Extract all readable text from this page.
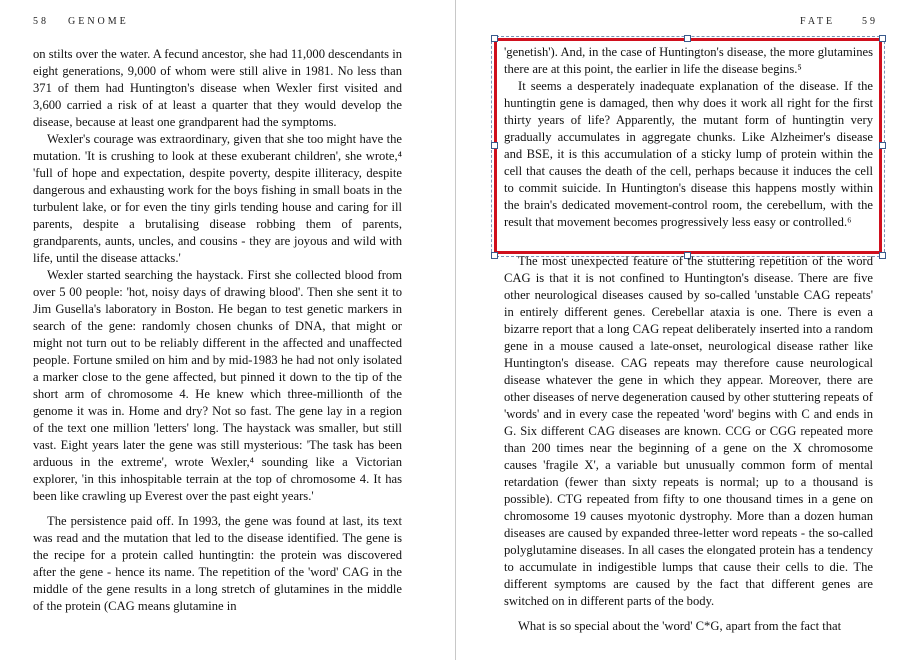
58 GENOME

on stilts over the water. A fecund ancestor, she had 11,000 descendants in eight generations, 9,000 of whom were still alive in 1981. No less than 371 of them had Huntington's disease when Wexler first visited and 3,600 carried a risk of at least a quarter that they would develop the disease, because at least one grandparent had the symptoms.

Wexler's courage was extraordinary, given that she too might have the mutation. 'It is crushing to look at these exuberant children', she wrote,⁴ 'full of hope and expectation, despite poverty, despite illiteracy, despite dangerous and exhausting work for the boys fishing in small boats in the turbulent lake, or for even the tiny girls tending house and caring for ill parents, despite a brutalising disease robbing them of parents, grandparents, aunts, uncles, and cousins - they are joyous and wild with life, until the disease attacks.'

Wexler started searching the haystack. First she collected blood from over 5 00 people: 'hot, noisy days of drawing blood'. Then she sent it to Jim Gusella's laboratory in Boston. He began to test genetic markers in search of the gene: randomly chosen chunks of DNA, that might or might not turn out to be reliably different in the affected and unaffected people. Fortune smiled on him and by mid-1983 he had not only isolated a marker close to the gene affected, but pinned it down to the tip of the short arm of chromosome 4. He knew which three-millionth of the genome it was in. Home and dry? Not so fast. The gene lay in a region of the text one million 'letters' long. The haystack was smaller, but still vast. Eight years later the gene was still mysterious: 'The task has been arduous in the extreme', wrote Wexler,⁴ sounding like a Victorian explorer, 'in this inhospitable terrain at the top of chromosome 4. It has been like crawling up Everest over the past eight years.'

The persistence paid off. In 1993, the gene was found at last, its text was read and the mutation that led to the disease identified. The gene is the recipe for a protein called huntingtin: the protein was discovered after the gene - hence its name. The repetition of the 'word' CAG in the middle of the gene results in a long stretch of glutamines in the middle of the protein (CAG means glutamine in

FATE	59

'genetish'). And, in the case of Huntington's disease, the more glutamines there are at this point, the earlier in life the disease begins.⁵

It seems a desperately inadequate explanation of the disease. If the huntingtin gene is damaged, then why does it work all right for the first thirty years of life? Apparently, the mutant form of huntingtin very gradually accumulates in aggregate chunks. Like Alzheimer's disease and BSE, it is this accumulation of a sticky lump of protein within the cell that causes the death of the cell, perhaps because it induces the cell to commit suicide. In Huntington's disease this happens mostly within the brain's dedicated movement-control room, the cerebellum, with the result that movement becomes progressively less easy or controlled.⁶

The most unexpected feature of the stuttering repetition of the word CAG is that it is not confined to Huntington's disease. There are five other neurological diseases caused by so-called 'unstable CAG repeats' in entirely different genes. Cerebellar ataxia is one. There is even a bizarre report that a long CAG repeat deliberately inserted into a random gene in a mouse caused a late-onset, neurological disease rather like Huntington's disease. CAG repeats may therefore cause neurological disease whatever the gene in which they appear. Moreover, there are other diseases of nerve degeneration caused by other stuttering repeats of 'words' and in every case the repeated 'word' begins with C and ends in G. Six different CAG diseases are known. CCG or CGG repeated more than 200 times near the beginning of a gene on the X chromosome causes 'fragile X', a variable but unusually common form of mental retardation (fewer than sixty repeats is normal; up to a thousand is possible). CTG repeated from fifty to one thousand times in a gene on chromosome 19 causes myotonic dystrophy. More than a dozen human diseases are caused by expanded three-letter word repeats - the so-called polyglutamine diseases. In all cases the elongated protein has a tendency to accumulate in indigestible lumps that cause their cells to die. The different symptoms are caused by the fact that different genes are switched on in different parts of the body.

What is so special about the 'word' C*G, apart from the fact that
